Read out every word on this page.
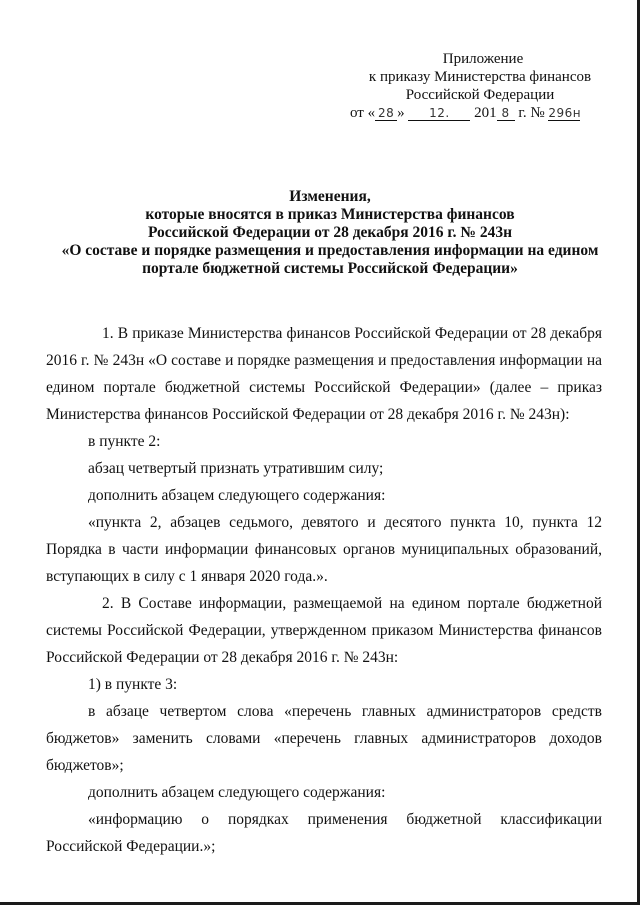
Приложение
к приказу Министерства финансов
Российской Федерации
от « 28 » 12. 201 8 г. № 296н
Изменения,
которые вносятся в приказ Министерства финансов
Российской Федерации от 28 декабря 2016 г. № 243н
«О составе и порядке размещения и предоставления информации на едином
портале бюджетной системы Российской Федерации»

1. В приказе Министерства финансов Российской Федерации от 28 декабря 2016 г. № 243н «О составе и порядке размещения и предоставления информации на едином портале бюджетной системы Российской Федерации» (далее – приказ Министерства финансов Российской Федерации от 28 декабря 2016 г. № 243н):

в пункте 2:

абзац четвертый признать утратившим силу;

дополнить абзацем следующего содержания:

«пункта 2, абзацев седьмого, девятого и десятого пункта 10, пункта 12 Порядка в части информации финансовых органов муниципальных образований, вступающих в силу с 1 января 2020 года.».

2. В Составе информации, размещаемой на едином портале бюджетной системы Российской Федерации, утвержденном приказом Министерства финансов Российской Федерации от 28 декабря 2016 г. № 243н:

1) в пункте 3:

в абзаце четвертом слова «перечень главных администраторов средств бюджетов» заменить словами «перечень главных администраторов доходов бюджетов»;

дополнить абзацем следующего содержания:

«информацию о порядках применения бюджетной классификации Российской Федерации.»;
